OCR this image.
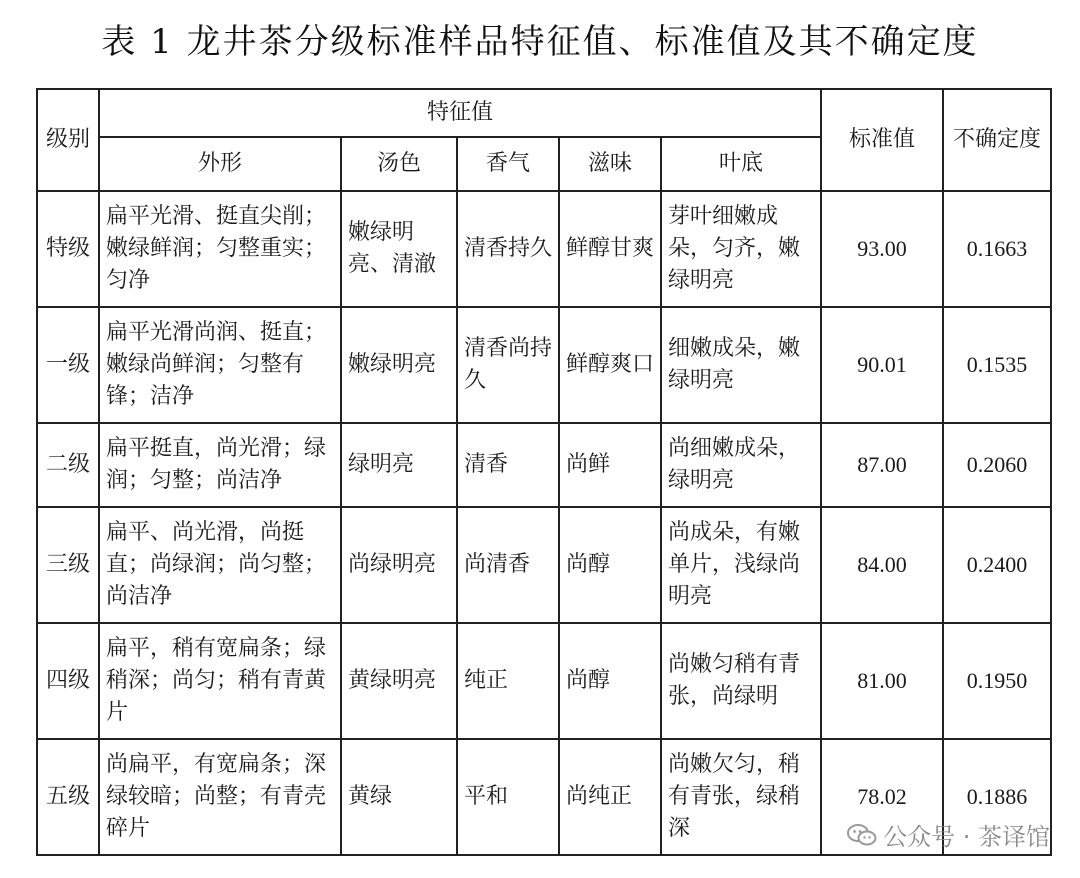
表 1 龙井茶分级标准样品特征值、标准值及其不确定度
级别	特征值					标准值	不确定度
	外形	汤色	香气	滋味	叶底		
特级	扁平光滑、挺直尖削；嫩绿鲜润；匀整重实；匀净	嫩绿明亮、清澈	清香持久	鲜醇甘爽	芽叶细嫩成朵，匀齐，嫩绿明亮	93.00	0.1663
一级	扁平光滑尚润、挺直；嫩绿尚鲜润；匀整有锋；洁净	嫩绿明亮	清香尚持久	鲜醇爽口	细嫩成朵，嫩绿明亮	90.01	0.1535
二级	扁平挺直，尚光滑；绿润；匀整；尚洁净	绿明亮	清香	尚鲜	尚细嫩成朵，绿明亮	87.00	0.2060
三级	扁平、尚光滑，尚挺直；尚绿润；尚匀整；尚洁净	尚绿明亮	尚清香	尚醇	尚成朵，有嫩单片，浅绿尚明亮	84.00	0.2400
四级	扁平，稍有宽扁条；绿稍深；尚匀；稍有青黄片	黄绿明亮	纯正	尚醇	尚嫩匀稍有青张，尚绿明	81.00	0.1950
五级	尚扁平，有宽扁条；深绿较暗；尚整；有青壳碎片	黄绿	平和	尚纯正	尚嫩欠匀，稍有青张，绿稍深	78.02	0.1886
公众号 · 茶译馆
